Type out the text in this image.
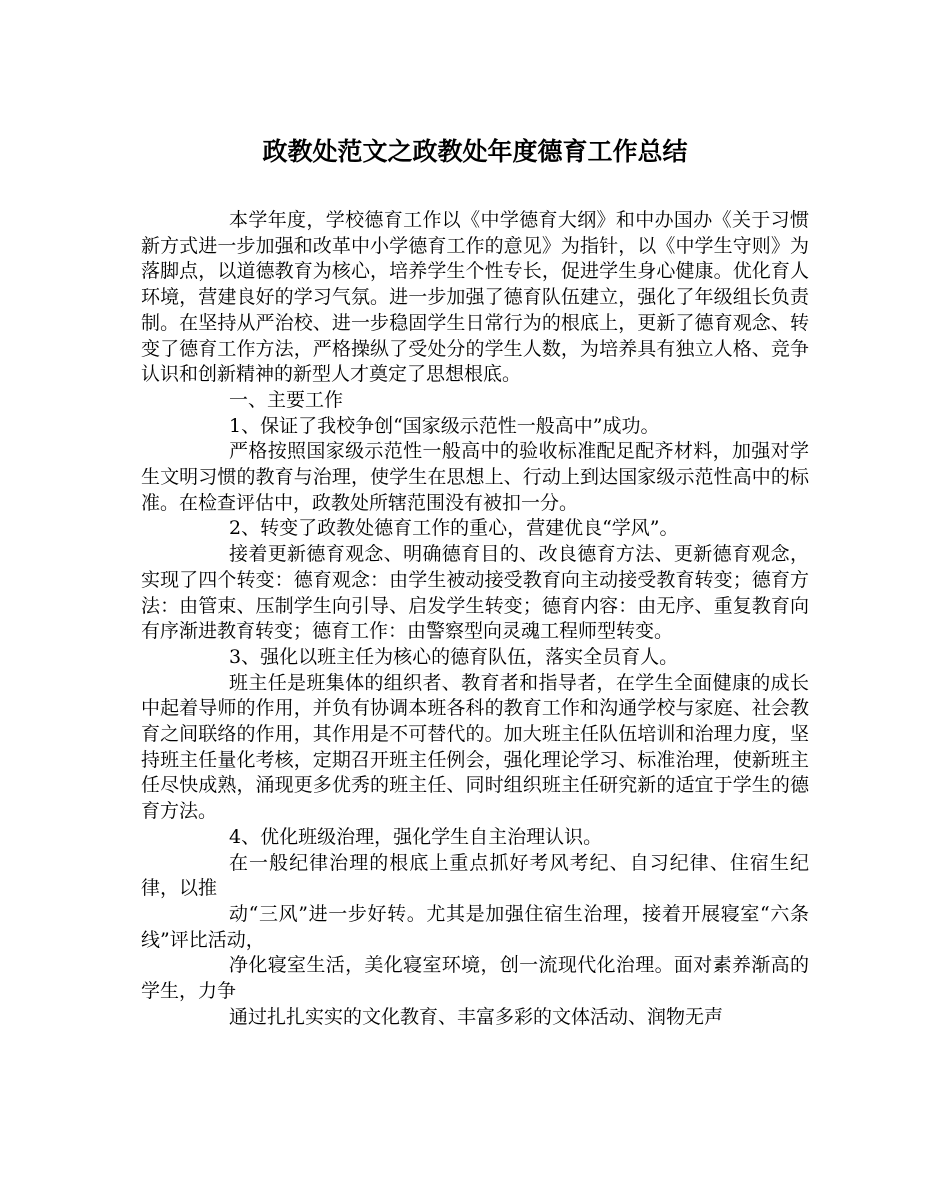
政教处范文之政教处年度德育工作总结

本学年度，学校德育工作以《中学德育大纲》和中办国办《关于习惯新方式进一步加强和改革中小学德育工作的意见》为指针，以《中学生守则》为落脚点，以道德教育为核心，培养学生个性专长，促进学生身心健康。优化育人环境，营建良好的学习气氛。进一步加强了德育队伍建立，强化了年级组长负责制。在坚持从严治校、进一步稳固学生日常行为的根底上，更新了德育观念、转变了德育工作方法，严格操纵了受处分的学生人数，为培养具有独立人格、竞争认识和创新精神的新型人才奠定了思想根底。

一、主要工作

1、保证了我校争创“国家级示范性一般高中”成功。

严格按照国家级示范性一般高中的验收标准配足配齐材料，加强对学生文明习惯的教育与治理，使学生在思想上、行动上到达国家级示范性高中的标准。在检查评估中，政教处所辖范围没有被扣一分。

2、转变了政教处德育工作的重心，营建优良“学风”。

接着更新德育观念、明确德育目的、改良德育方法、更新德育观念，实现了四个转变：德育观念：由学生被动接受教育向主动接受教育转变；德育方法：由管束、压制学生向引导、启发学生转变；德育内容：由无序、重复教育向有序渐进教育转变；德育工作：由警察型向灵魂工程师型转变。

3、强化以班主任为核心的德育队伍，落实全员育人。

班主任是班集体的组织者、教育者和指导者，在学生全面健康的成长中起着导师的作用，并负有协调本班各科的教育工作和沟通学校与家庭、社会教育之间联络的作用，其作用是不可替代的。加大班主任队伍培训和治理力度，坚持班主任量化考核，定期召开班主任例会，强化理论学习、标准治理，使新班主任尽快成熟，涌现更多优秀的班主任、同时组织班主任研究新的适宜于学生的德育方法。

4、优化班级治理，强化学生自主治理认识。

在一般纪律治理的根底上重点抓好考风考纪、自习纪律、住宿生纪律，以推

动“三风”进一步好转。尤其是加强住宿生治理，接着开展寝室“六条线”评比活动，

净化寝室生活，美化寝室环境，创一流现代化治理。面对素养渐高的学生，力争

通过扎扎实实的文化教育、丰富多彩的文体活动、润物无声
